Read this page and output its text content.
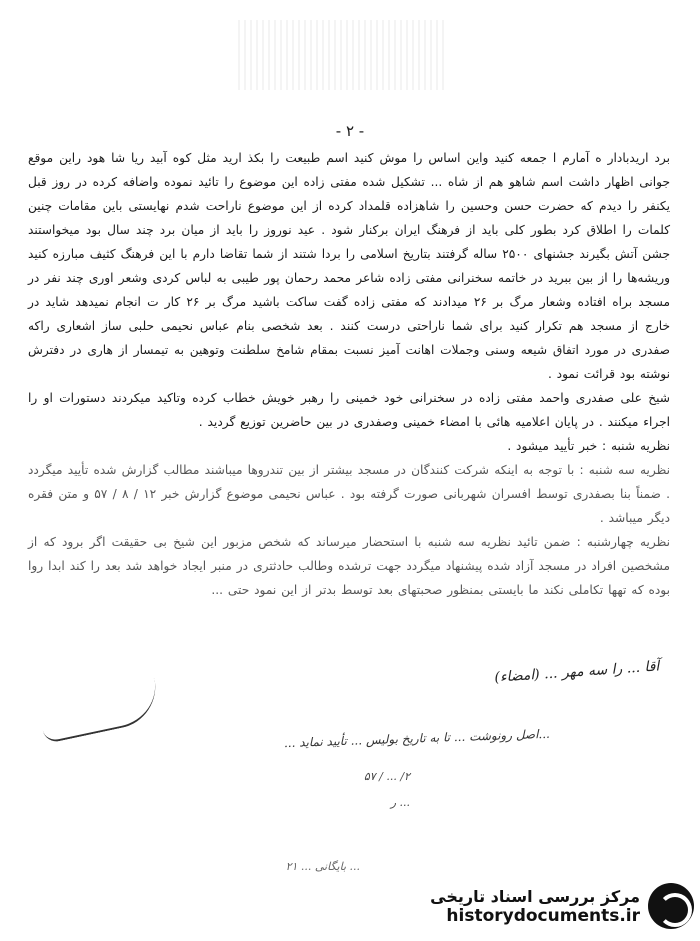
- ۲ -

برد اریدبادار ه آمارم ا جمعه کنید واین اساس را موش کنید اسم طبیعت را بکذ ارید مثل کوه آبید ریا شا هود راین موقع جوانی اظهار داشت اسم شاهو هم از شاه ... تشکیل شده مفتی زاده این موضوع را تائید نموده واضافه کرده در روز قبل یکنفر را دیدم که حضرت حسن وحسین را شاهزاده قلمداد کرده از این موضوع ناراحت شدم نهایستی باین مقامات چنین کلمات را اطلاق کرد بطور کلی باید از فرهنگ ایران برکنار شود . عید نوروز را باید از میان برد چند سال بود میخواستند جشن آتش بگیرند جشنهای ۲۵۰۰ ساله گرفتند بتاریخ اسلامی را بردا شتند از شما تقاضا دارم با این فرهنگ کثیف مبارزه کنید وریشه‌ها را از بین ببرید در خاتمه سخنرانی مفتی زاده شاعر محمد رحمان پور طیبی به لباس کردی وشعر اوری چند نفر در مسجد براه افتاده وشعار مرگ بر ۲۶ میدادند که مفتی زاده گفت ساکت باشید مرگ بر ۲۶ کار ت انجام نمیدهد شاید در خارج از مسجد هم تکرار کنید برای شما ناراحتی درست کنند . بعد شخصی بنام عباس نحیمی حلبی ساز اشعاری راکه صفدری در مورد اتفاق شیعه وسنی وجملات اهانت آمیز نسبت بمقام شامخ سلطنت وتوهین به تیمسار از هاری در دفترش نوشته بود قرائت نمود .

شیخ علی صفدری واحمد مفتی زاده در سخنرانی خود خمینی را رهبر خویش خطاب کرده وتاکید میکردند دستورات او را اجراء میکنند . در پایان اعلامیه هائی با امضاء خمینی وصفدری در بین حاضرین توزیع گردید .

نظریه شنبه : خبر تأیید میشود .

نظریه سه شنبه : با توجه به اینکه شرکت کنندگان در مسجد بیشتر از بین تندروها میباشند مطالب گزارش شده تأیید میگردد . ضمناً بنا بصفدری توسط افسران شهربانی صورت گرفته بود . عباس نحیمی موضوع گزارش خبر ۱۲ / ۸ / ۵۷ و متن فقره دیگر میباشد .

نظریه چهارشنبه : ضمن تائید نظریه سه شنبه با استحضار میرساند که شخص مزبور این شیخ بی حقیقت اگر برود که از مشخصین افراد در مسجد آزاد شده پیشنهاد میگردد جهت ترشده وطالب حادثتری در منبر ایجاد خواهد شد بعد را کند ابدا روا بوده که تهها تکاملی نکند ما بایستی بمنظور صحبتهای بعد توسط بدتر از این نمود حتی ...

آقا ... را سه مهر ... (امضاء)
...اصل رونوشت ... تا به تاریخ بولیس ... تأیید نماید ...
۲/ ... / ۵۷
... ر
... بایگانی ... ۲۱
مرکز بررسی اسناد تاریخی
historydocuments.ir
